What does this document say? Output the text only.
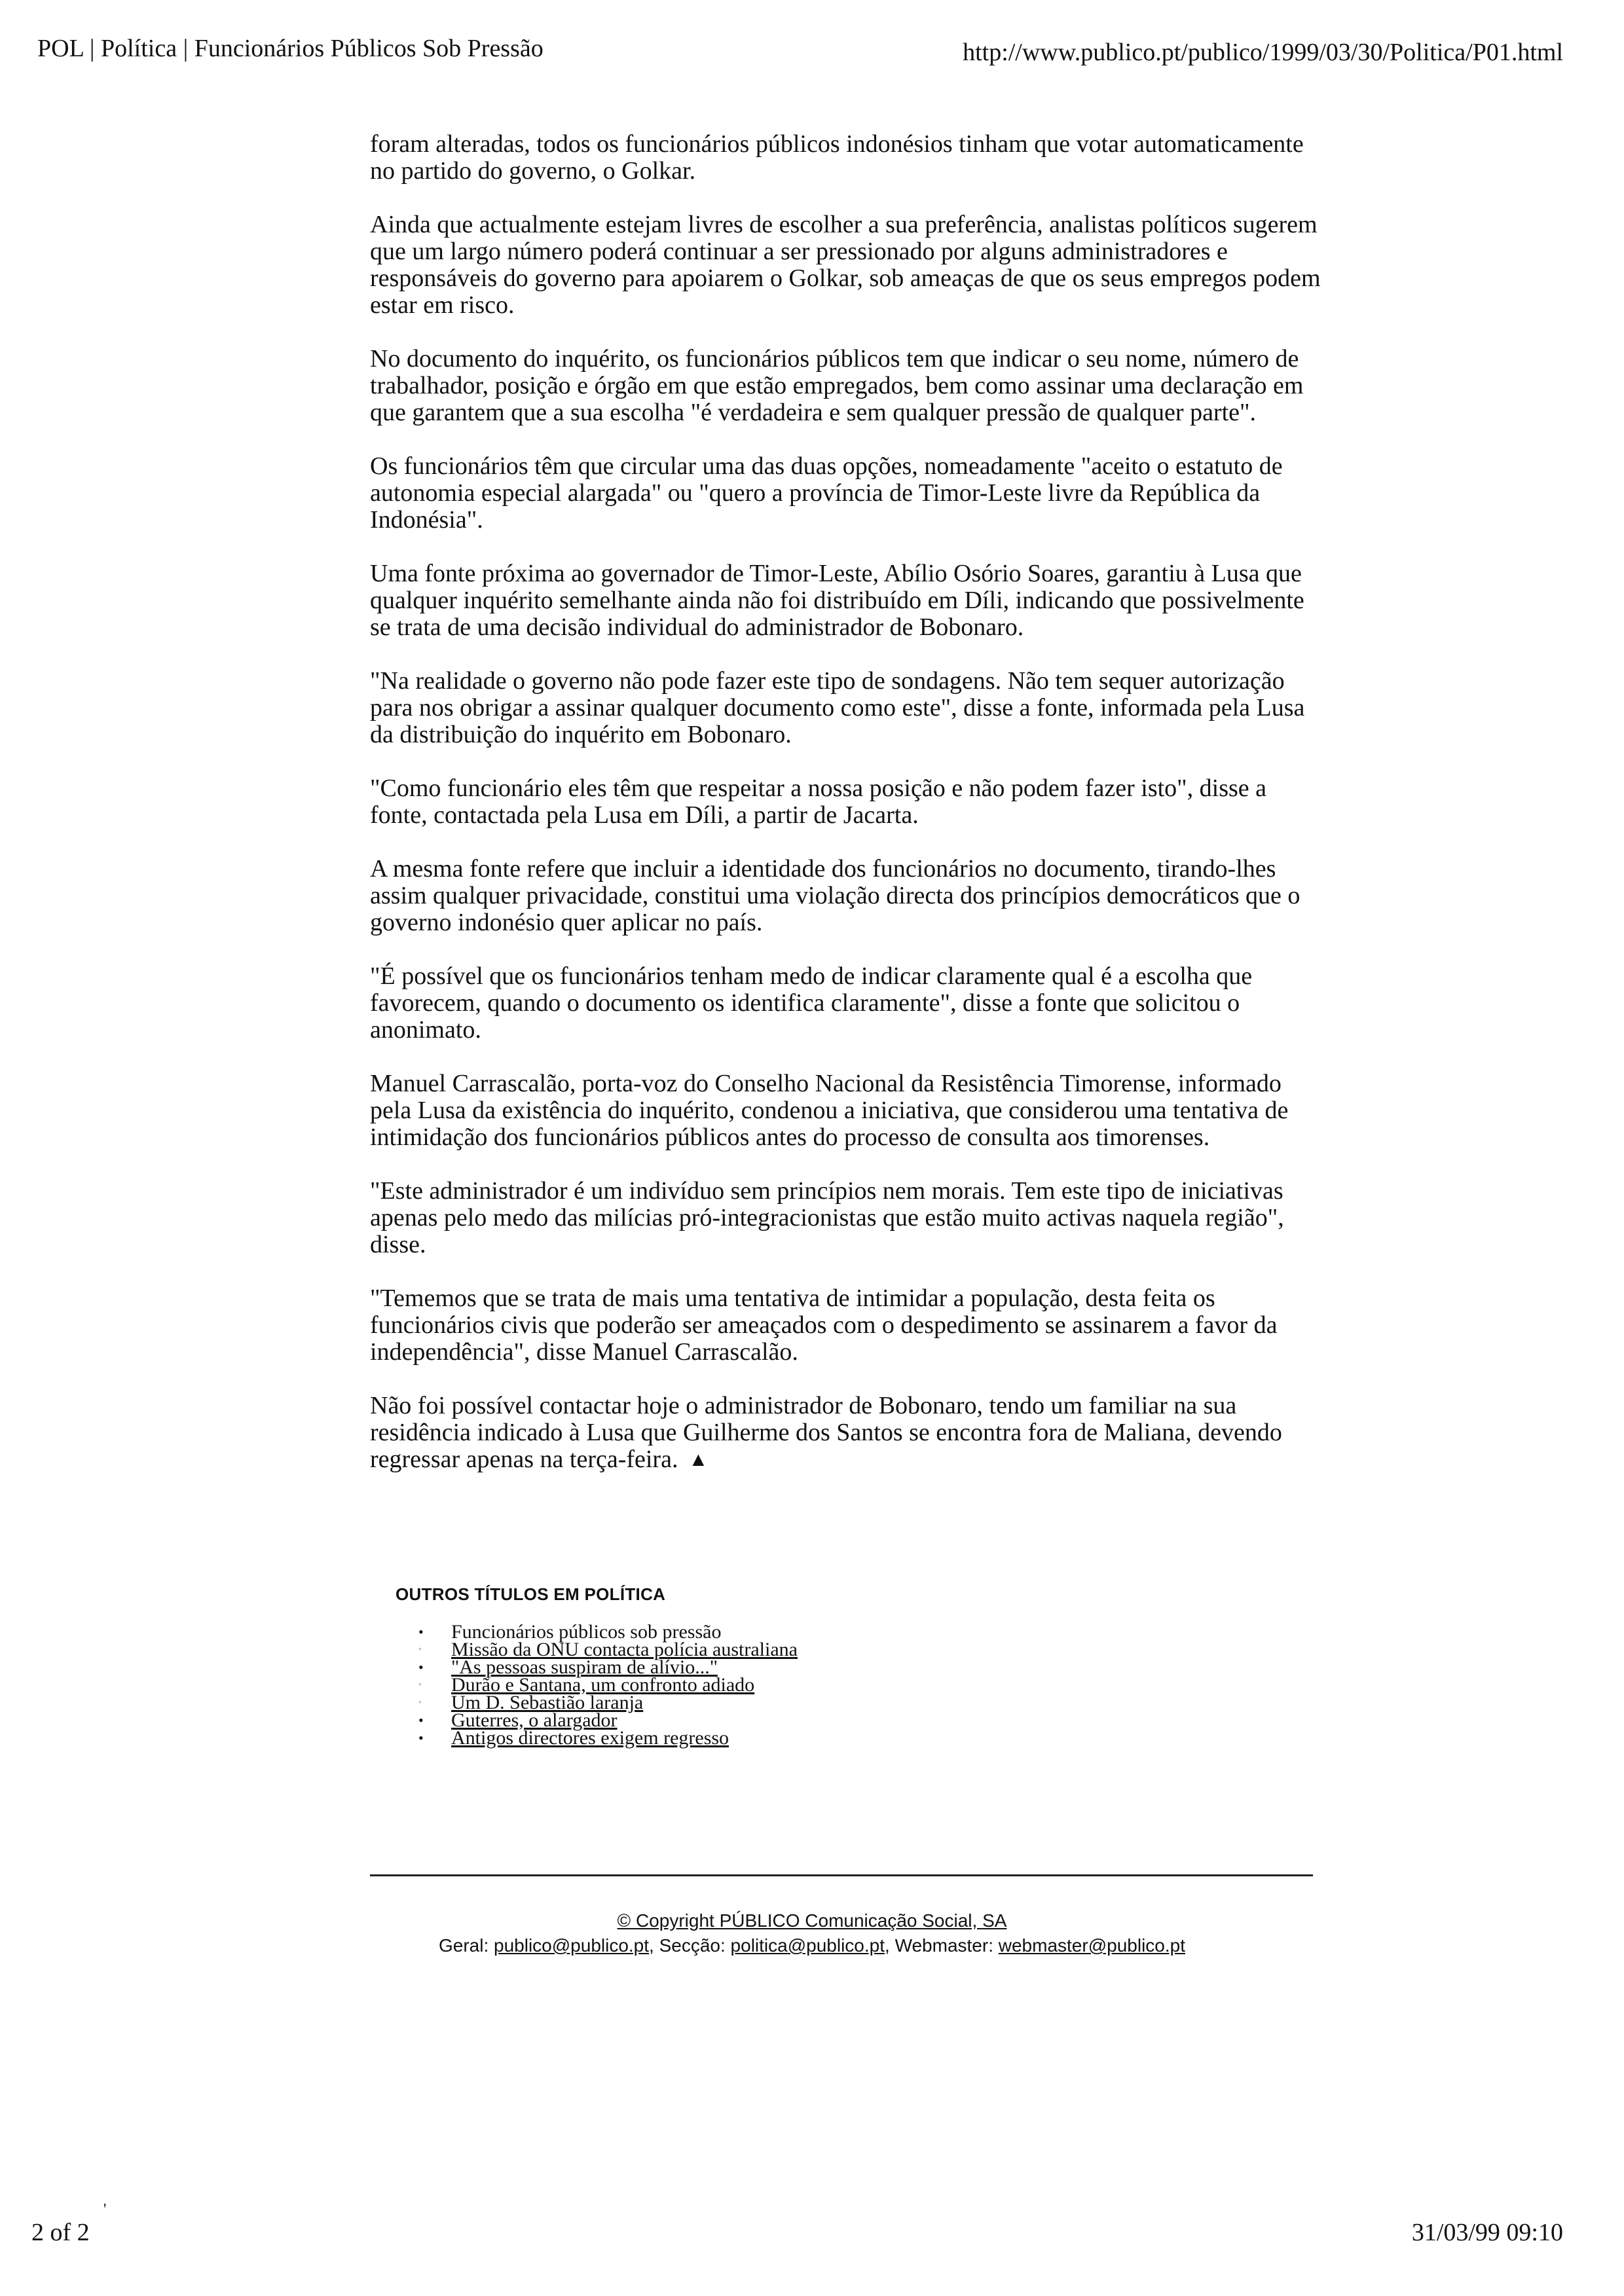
POL | Política | Funcionários Públicos Sob Pressão	http://www.publico.pt/publico/1999/03/30/Politica/P01.html

foram alteradas, todos os funcionários públicos indonésios tinham que votar automaticamente no partido do governo, o Golkar.

Ainda que actualmente estejam livres de escolher a sua preferência, analistas políticos sugerem que um largo número poderá continuar a ser pressionado por alguns administradores e responsáveis do governo para apoiarem o Golkar, sob ameaças de que os seus empregos podem estar em risco.

No documento do inquérito, os funcionários públicos tem que indicar o seu nome, número de trabalhador, posição e órgão em que estão empregados, bem como assinar uma declaração em que garantem que a sua escolha "é verdadeira e sem qualquer pressão de qualquer parte".

Os funcionários têm que circular uma das duas opções, nomeadamente "aceito o estatuto de autonomia especial alargada" ou "quero a província de Timor-Leste livre da República da Indonésia".

Uma fonte próxima ao governador de Timor-Leste, Abílio Osório Soares, garantiu à Lusa que qualquer inquérito semelhante ainda não foi distribuído em Díli, indicando que possivelmente se trata de uma decisão individual do administrador de Bobonaro.

"Na realidade o governo não pode fazer este tipo de sondagens. Não tem sequer autorização para nos obrigar a assinar qualquer documento como este", disse a fonte, informada pela Lusa da distribuição do inquérito em Bobonaro.

"Como funcionário eles têm que respeitar a nossa posição e não podem fazer isto", disse a fonte, contactada pela Lusa em Díli, a partir de Jacarta.

A mesma fonte refere que incluir a identidade dos funcionários no documento, tirando-lhes assim qualquer privacidade, constitui uma violação directa dos princípios democráticos que o governo indonésio quer aplicar no país.

"É possível que os funcionários tenham medo de indicar claramente qual é a escolha que favorecem, quando o documento os identifica claramente", disse a fonte que solicitou o anonimato.

Manuel Carrascalão, porta-voz do Conselho Nacional da Resistência Timorense, informado pela Lusa da existência do inquérito, condenou a iniciativa, que considerou uma tentativa de intimidação dos funcionários públicos antes do processo de consulta aos timorenses.

"Este administrador é um indivíduo sem princípios nem morais. Tem este tipo de iniciativas apenas pelo medo das milícias pró-integracionistas que estão muito activas naquela região", disse.

"Tememos que se trata de mais uma tentativa de intimidar a população, desta feita os funcionários civis que poderão ser ameaçados com o despedimento se assinarem a favor da independência", disse Manuel Carrascalão.

Não foi possível contactar hoje o administrador de Bobonaro, tendo um familiar na sua residência indicado à Lusa que Guilherme dos Santos se encontra fora de Maliana, devendo regressar apenas na terça-feira. ▲

OUTROS TÍTULOS EM POLÍTICA
• Funcionários públicos sob pressão
◦ Missão da ONU contacta polícia australiana
• "As pessoas suspiram de alívio..."
◦ Durão e Santana, um confronto adiado
◦ Um D. Sebastião laranja
• Guterres, o alargador
• Antigos directores exigem regresso
© Copyright PÚBLICO Comunicação Social, SA
Geral: publico@publico.pt, Secção: politica@publico.pt, Webmaster: webmaster@publico.pt
2 of 2
'
31/03/99 09:10
